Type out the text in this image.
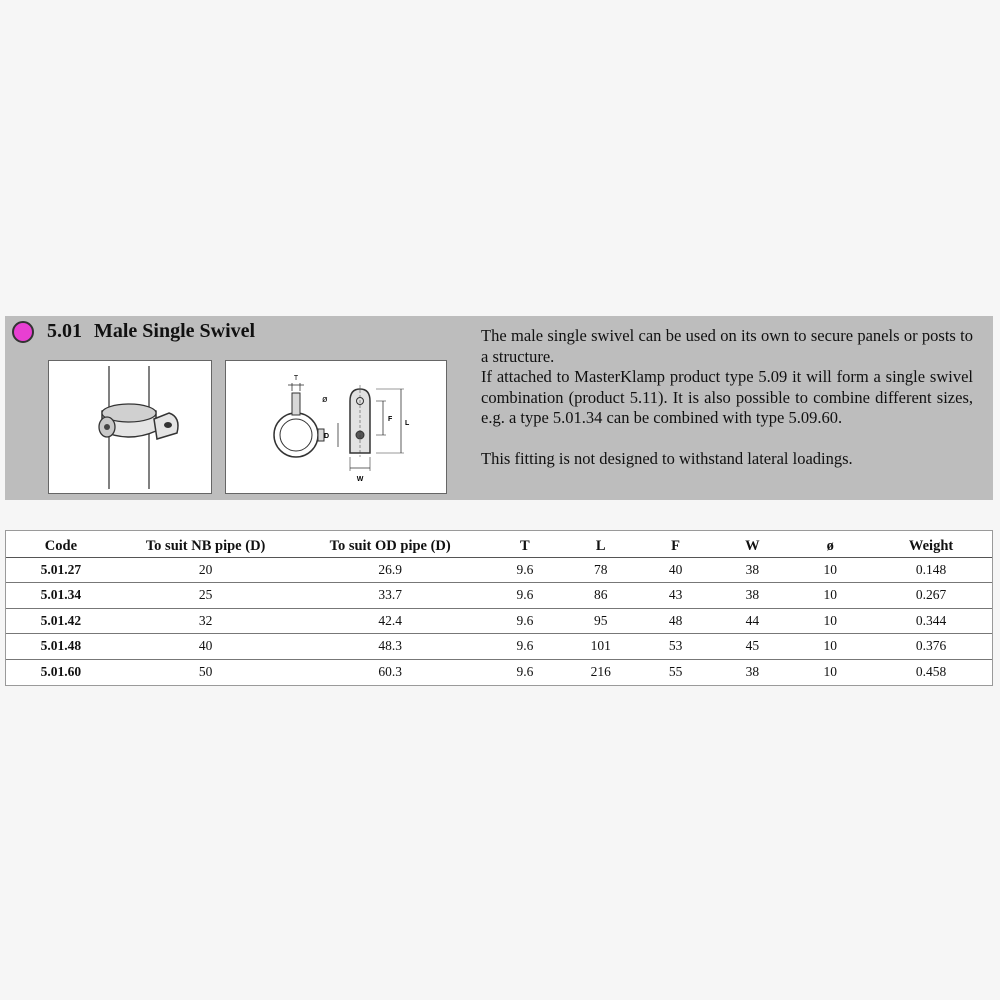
5.01 Male Single Swivel
T
ø
D
F
L
W

The male single swivel can be used on its own to secure panels or posts to a structure.

If attached to MasterKlamp product type 5.09 it will form a single swivel combination (product 5.11). It is also possible to combine different sizes, e.g. a type 5.01.34 can be combined with type 5.09.60.

This fitting is not designed to withstand lateral loadings.

Code	To suit NB pipe (D)	To suit OD pipe (D)	T	L	F	W	ø	Weight
5.01.27	20	26.9	9.6	78	40	38	10	0.148
5.01.34	25	33.7	9.6	86	43	38	10	0.267
5.01.42	32	42.4	9.6	95	48	44	10	0.344
5.01.48	40	48.3	9.6	101	53	45	10	0.376
5.01.60	50	60.3	9.6	216	55	38	10	0.458
